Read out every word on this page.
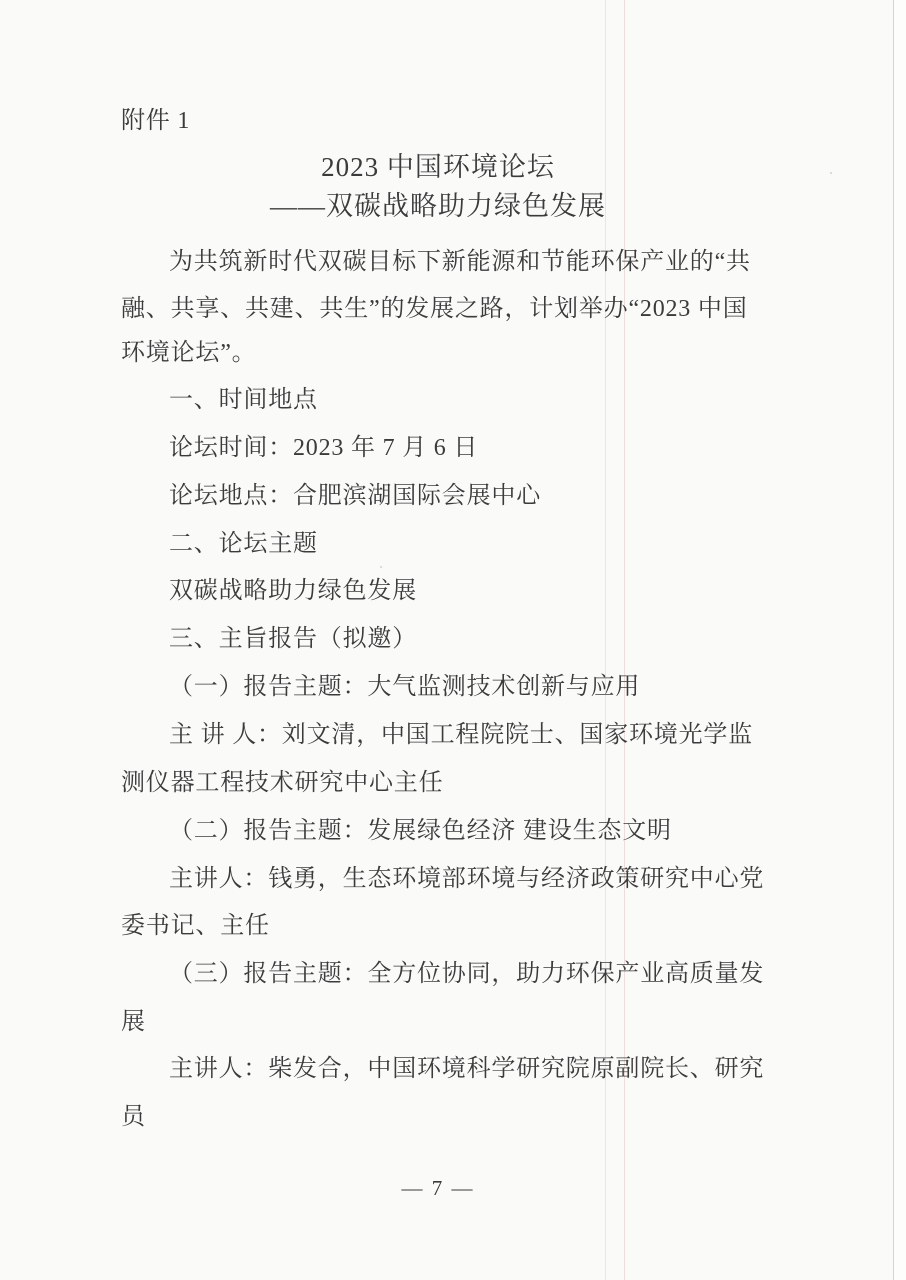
附件 1
2023 中国环境论坛
——双碳战略助力绿色发展
为共筑新时代双碳目标下新能源和节能环保产业的“共
融、共享、共建、共生”的发展之路，计划举办“2023 中国
环境论坛”。
一、时间地点
论坛时间：2023 年 7 月 6 日
论坛地点：合肥滨湖国际会展中心
二、论坛主题
双碳战略助力绿色发展
三、主旨报告（拟邀）
（一）报告主题：大气监测技术创新与应用
主 讲 人：刘文清，中国工程院院士、国家环境光学监
测仪器工程技术研究中心主任
（二）报告主题：发展绿色经济 建设生态文明
主讲人：钱勇，生态环境部环境与经济政策研究中心党
委书记、主任
（三）报告主题：全方位协同，助力环保产业高质量发
展
主讲人：柴发合，中国环境科学研究院原副院长、研究
员
— 7 —
